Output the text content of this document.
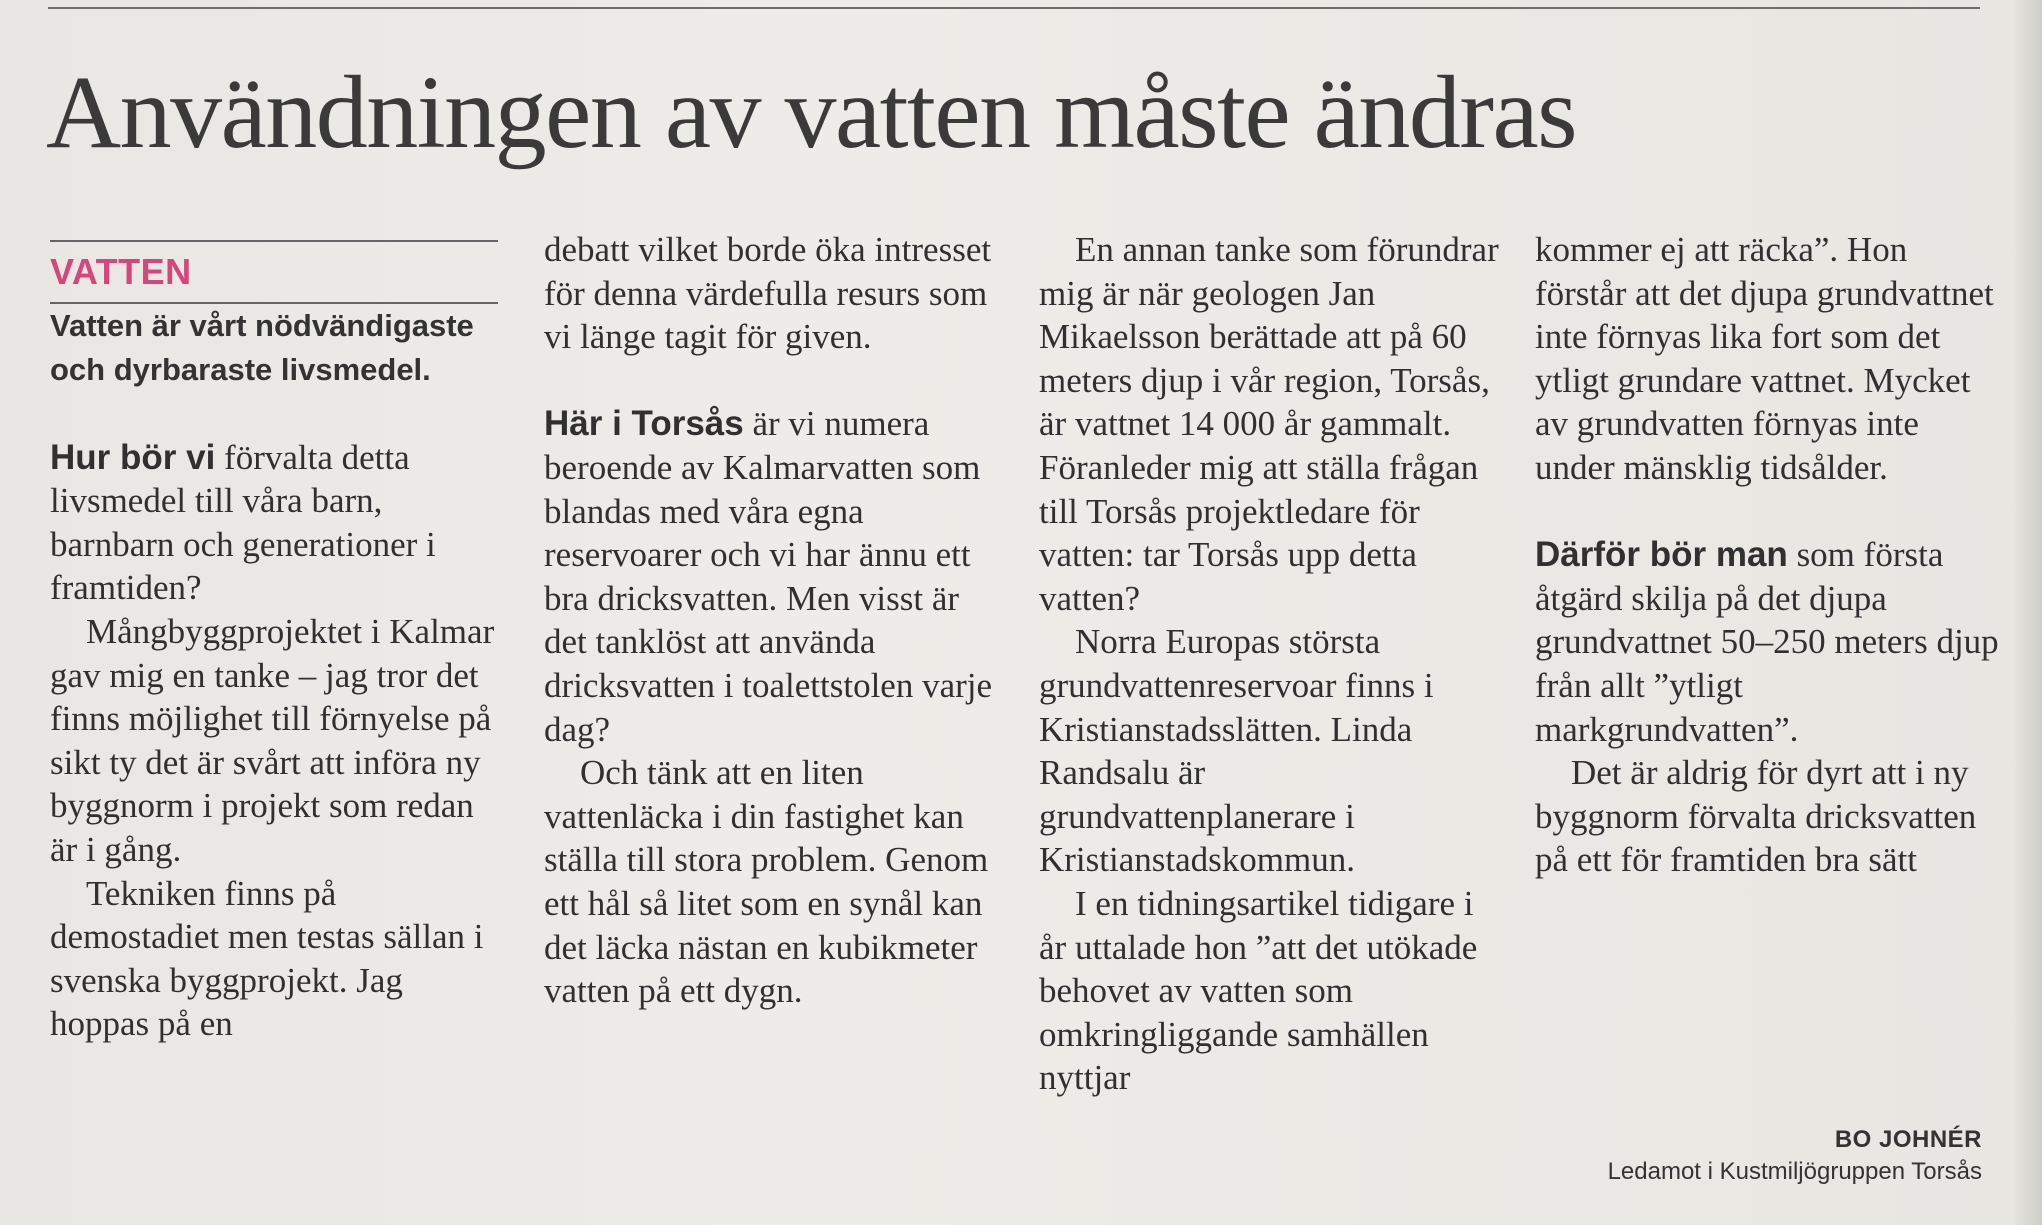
Användningen av vatten måste ändras

VATTEN

Vatten är vårt nödvändigaste och dyrbaraste livsmedel.

Hur bör vi förvalta detta livsmedel till våra barn, barnbarn och generationer i framtiden?

Mångbyggprojektet i Kalmar gav mig en tanke – jag tror det finns möjlighet till förnyelse på sikt ty det är svårt att införa ny byggnorm i projekt som redan är i gång.

Tekniken finns på demostadiet men testas sällan i svenska byggprojekt. Jag hoppas på en

debatt vilket borde öka intresset för denna värdefulla resurs som vi länge tagit för given.

Här i Torsås är vi numera beroende av Kalmarvatten som blandas med våra egna reservoarer och vi har ännu ett bra dricksvatten. Men visst är det tanklöst att använda dricksvatten i toalettstolen varje dag?

Och tänk att en liten vattenläcka i din fastighet kan ställa till stora problem. Genom ett hål så litet som en synål kan det läcka nästan en kubikmeter vatten på ett dygn.

En annan tanke som förundrar mig är när geologen Jan Mikaelsson berättade att på 60 meters djup i vår region, Torsås, är vattnet 14 000 år gammalt. Föranleder mig att ställa frågan till Torsås projektledare för vatten: tar Torsås upp detta vatten?

Norra Europas största grundvattenreservoar finns i Kristianstadsslätten. Linda Randsalu är grundvattenplanerare i Kristianstadskommun.

I en tidningsartikel tidigare i år uttalade hon ”att det utökade behovet av vatten som omkringliggande samhällen nyttjar

kommer ej att räcka”. Hon förstår att det djupa grundvattnet inte förnyas lika fort som det ytligt grundare vattnet. Mycket av grundvatten förnyas inte under mänsklig tidsålder.

Därför bör man som första åtgärd skilja på det djupa grundvattnet 50–250 meters djup från allt ”ytligt markgrundvatten”.

Det är aldrig för dyrt att i ny byggnorm förvalta dricksvatten på ett för framtiden bra sätt

BO JOHNÉR
Ledamot i Kustmiljögruppen Torsås
